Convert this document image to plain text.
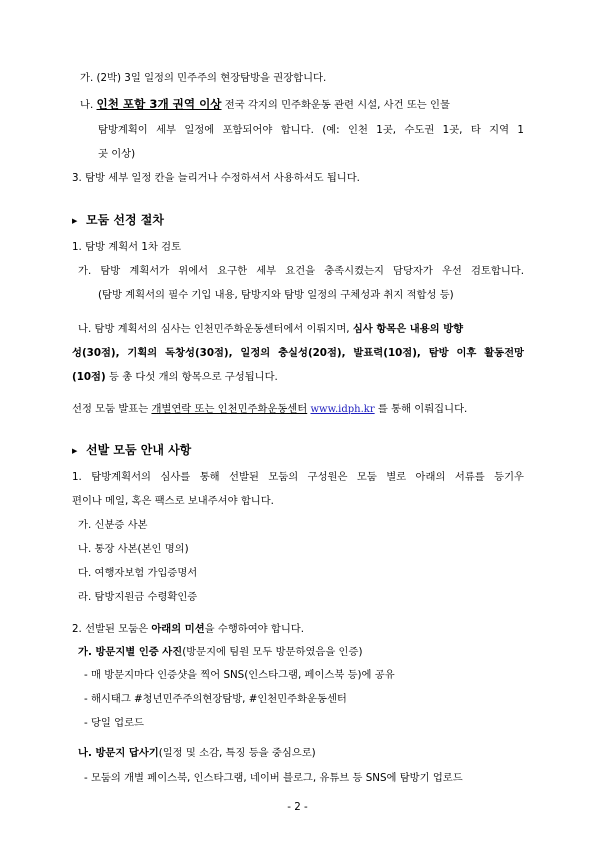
가. (2박) 3일 일정의 민주주의 현장탐방을 권장합니다.
나. 인천 포함 3개 권역 이상 전국 각지의 민주화운동 관련 시설, 사건 또는 인물
탐방계획이 세부 일정에 포함되어야 합니다. (예: 인천 1곳, 수도권 1곳, 타 지역 1
곳 이상)
3. 탐방 세부 일정 칸을 늘리거나 수정하셔서 사용하셔도 됩니다.
▶ 모둠 선정 절차
1. 탐방 계획서 1차 검토
가. 탐방 계획서가 위에서 요구한 세부 요건을 충족시켰는지 담당자가 우선 검토합니다.
(탐방 계획서의 필수 기입 내용, 탐방지와 탐방 일정의 구체성과 취지 적합성 등)
나. 탐방 계획서의 심사는 인천민주화운동센터에서 이뤄지며, 심사 항목은 내용의 방향
성(30점), 기획의 독창성(30점), 일정의 충실성(20점), 발표력(10점), 탐방 이후 활동전망
(10점) 등 총 다섯 개의 항목으로 구성됩니다.
선정 모둠 발표는 개별연락 또는 인천민주화운동센터 www.idph.kr 를 통해 이뤄집니다.
▶ 선발 모둠 안내 사항
1. 탐방계획서의 심사를 통해 선발된 모둠의 구성원은 모둠 별로 아래의 서류를 등기우
편이나 메일, 혹은 팩스로 보내주셔야 합니다.
가. 신분증 사본
나. 통장 사본(본인 명의)
다. 여행자보험 가입증명서
라. 탐방지원금 수령확인증
2. 선발된 모둠은 아래의 미션을 수행하여야 합니다.
가. 방문지별 인증 사진(방문지에 팀원 모두 방문하였음을 인증)
- 매 방문지마다 인증샷을 찍어 SNS(인스타그램, 페이스북 등)에 공유
- 해시태그 #청년민주주의현장탐방, #인천민주화운동센터
- 당일 업로드
나. 방문지 답사기(일정 및 소감, 특징 등을 중심으로)
- 모둠의 개별 페이스북, 인스타그램, 네이버 블로그, 유튜브 등 SNS에 탐방기 업로드
- 2 -
